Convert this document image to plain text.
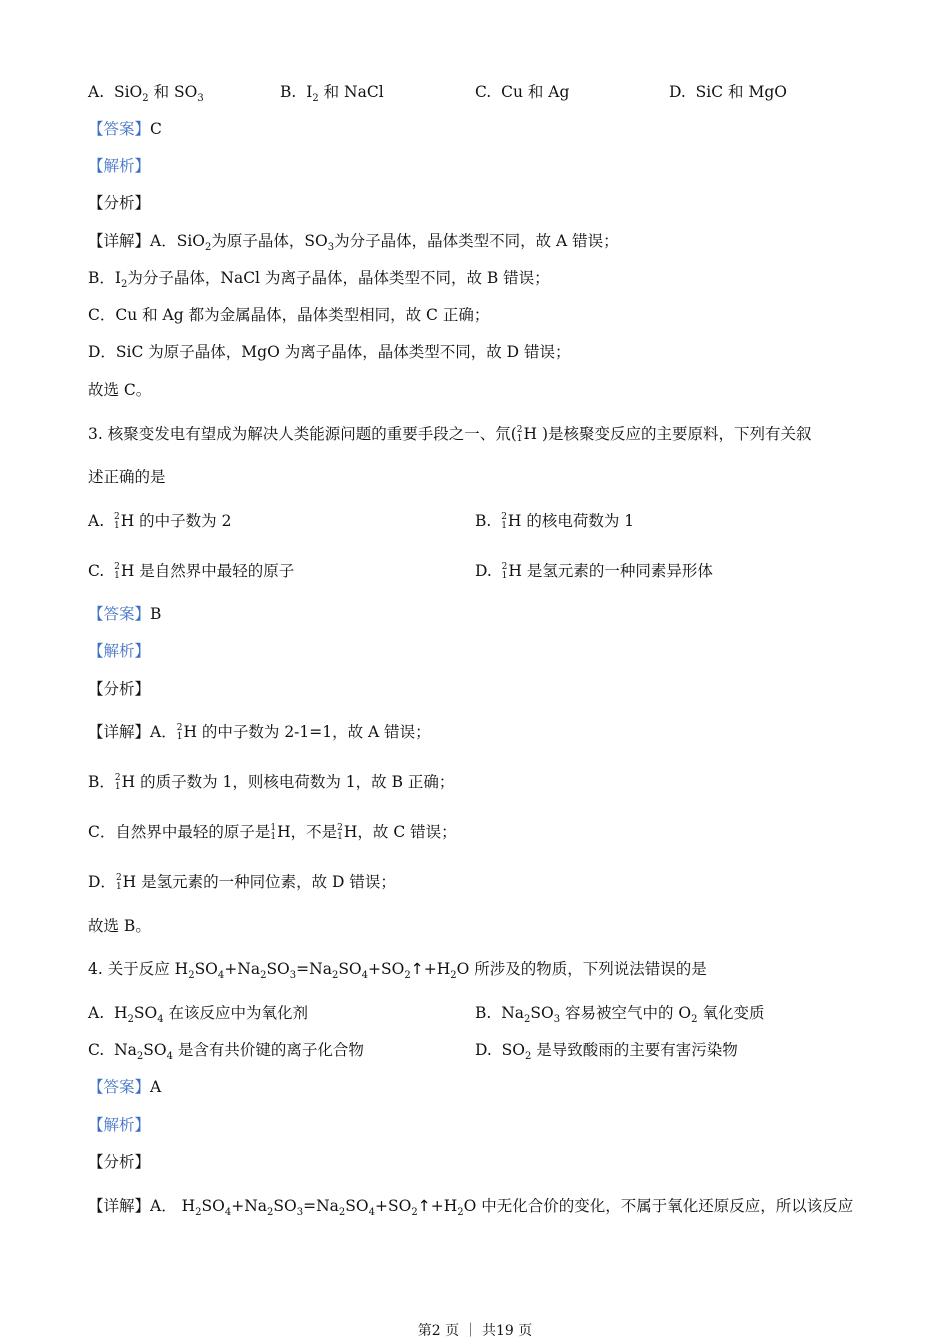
A. SiO$_2$ 和 $SO_3$	B. $I_2$ 和 NaCl	C. Cu 和 Ag	D. SiC 和 MgO
【答案】C
【解析】
【分析】
【详解】A．SiO$_2$为原子晶体，$SO_3$为分子晶体，晶体类型不同，故 A 错误；
B．$I_2$为分子晶体，NaCl 为离子晶体，晶体类型不同，故 B 错误；
C．Cu 和 Ag 都为金属晶体，晶体类型相同，故 C 正确；
D．SiC 为原子晶体，MgO 为离子晶体，晶体类型不同，故 D 错误；
故选 C。
3. 核聚变发电有望成为解决人类能源问题的重要手段之一、氘( 2
1 H )是核聚变反应的主要原料，下列有关叙
述正确的是
A. 2
1 H 的中子数为 2	B. 2
1 H 的核电荷数为 1
C. 2
1 H 是自然界中最轻的原子	D. 2
1 H 是氢元素的一种同素异形体
【答案】B
【解析】
【分析】
【详解】A． 2
1 H 的中子数为 2-1=1，故 A 错误；
B． 2
1 H 的质子数为 1，则核电荷数为 1，故 B 正确；
C．自然界中最轻的原子是 1
1 H，不是 2
1 H，故 C 错误；
D． 2
1 H 是氢元素的一种同位素，故 D 错误；
故选 B。
4. 关于反应 $H_2SO_4+Na_2SO_3=Na_2SO_4+SO_2↑+H_2O$ 所涉及的物质，下列说法错误的是
A. $H_2SO_4$ 在该反应中为氧化剂	B. $Na_2SO_3$ 容易被空气中的 $O_2$ 氧化变质
C. $Na_2SO_4$ 是含有共价键的离子化合物	D. $SO_2$ 是导致酸雨的主要有害污染物
【答案】A
【解析】
【分析】
【详解】A． $H_2SO_4+Na_2SO_3=Na_2SO_4+SO_2↑+H_2O$ 中无化合价的变化，不属于氧化还原反应，所以该反应
第2 页 ｜ 共19 页
